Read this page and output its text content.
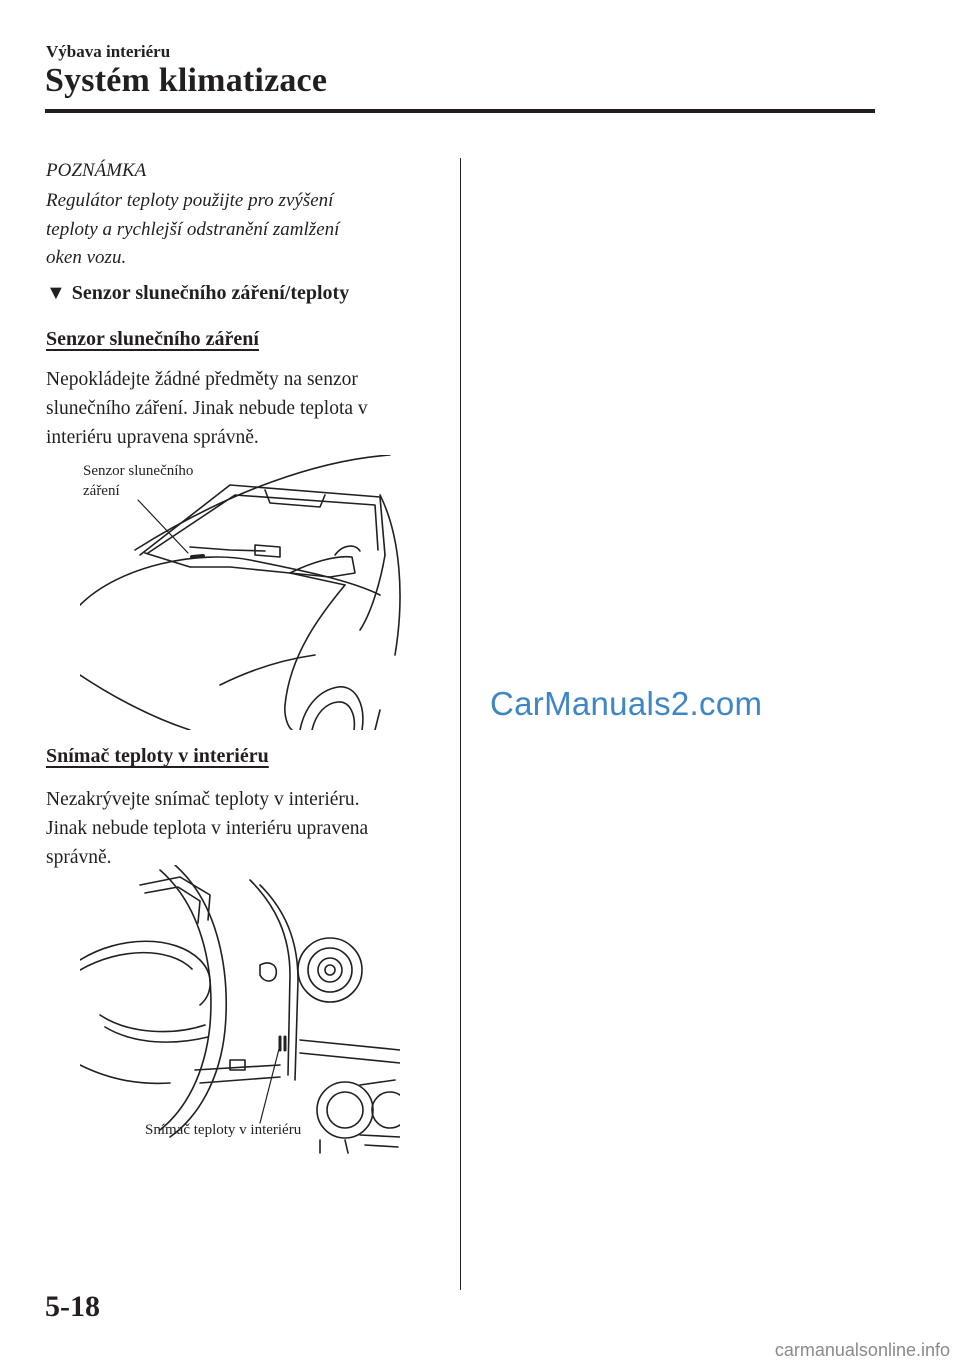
Výbava interiéru
Systém klimatizace
POZNÁMKA
Regulátor teploty použijte pro zvýšení
teploty a rychlejší odstranění zamlžení
oken vozu.
▼ Senzor slunečního záření/teploty
Senzor slunečního záření
Nepokládejte žádné předměty na senzor
slunečního záření. Jinak nebude teplota v
interiéru upravena správně.
Senzor slunečního
záření
Snímač teploty v interiéru
Nezakrývejte snímač teploty v interiéru.
Jinak nebude teplota v interiéru upravena
správně.
Snímač teploty v interiéru
CarManuals2.com
5-18
carmanualsonline.info
